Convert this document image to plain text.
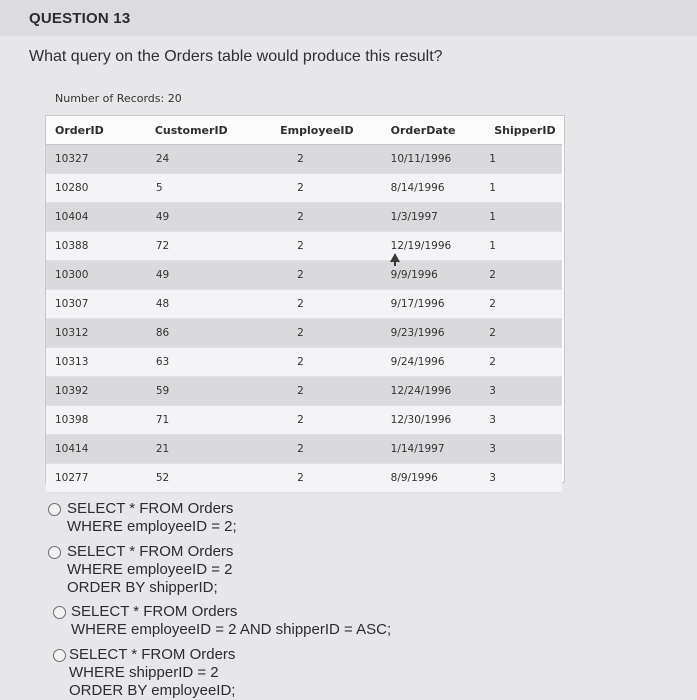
QUESTION 13
What query on the Orders table would produce this result?
Number of Records: 20
OrderID	CustomerID	EmployeeID	OrderDate	ShipperID
10327	24	2	10/11/1996	1
10280	5	2	8/14/1996	1
10404	49	2	1/3/1997	1
10388	72	2	12/19/1996	1
10300	49	2	9/9/1996	2
10307	48	2	9/17/1996	2
10312	86	2	9/23/1996	2
10313	63	2	9/24/1996	2
10392	59	2	12/24/1996	3
10398	71	2	12/30/1996	3
10414	21	2	1/14/1997	3
10277	52	2	8/9/1996	3
SELECT * FROM Orders
WHERE employeeID = 2;
SELECT * FROM Orders
WHERE employeeID = 2
ORDER BY shipperID;
SELECT * FROM Orders
WHERE employeeID = 2 AND shipperID = ASC;
SELECT * FROM Orders
WHERE shipperID = 2
ORDER BY employeeID;
